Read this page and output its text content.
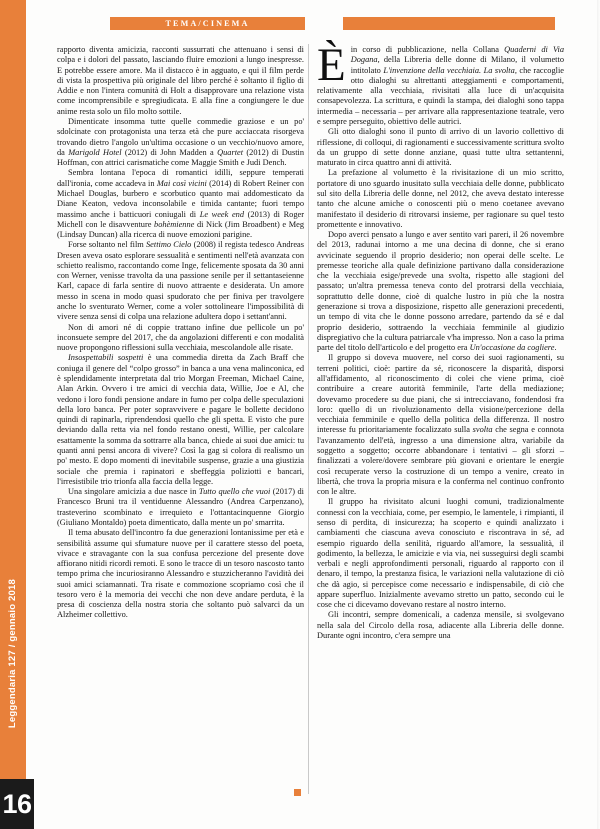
Leggendaria 127 / gennaio 2018
16
TEMA/CINEMA

rapporto diventa amicizia, racconti sussurrati che attenuano i sensi di colpa e i dolori del passato, lasciando fluire emozioni a lungo inespresse. E potrebbe essere amore. Ma il distacco è in agguato, e qui il film perde di vista la prospettiva più originale del libro perché è soltanto il figlio di Addie e non l'intera comunità di Holt a disapprovare una relazione vista come incomprensibile e spregiudicata. E alla fine a congiungere le due anime resta solo un filo molto sottile.

Dimenticate insomma tutte quelle commedie graziose e un po' sdolcinate con protagonista una terza età che pure acciaccata risorgeva trovando dietro l'angolo un'ultima occasione o un vecchio/nuovo amore, da Marigold Hotel (2012) di John Madden a Quartet (2012) di Dustin Hoffman, con attrici carismatiche come Maggie Smith e Judi Dench.

Sembra lontana l'epoca di romantici idilli, seppure temperati dall'ironia, come accadeva in Mai così vicini (2014) di Robert Reiner con Michael Douglas, burbero e scorbutico quanto mai addomesticato da Diane Keaton, vedova inconsolabile e timida cantante; fuori tempo massimo anche i batticuori coniugali di Le week end (2013) di Roger Michell con le disavventure bohèmienne di Nick (Jim Broadbent) e Meg (Lindsay Duncan) alla ricerca di nuove emozioni parigine.

Forse soltanto nel film Settimo Cielo (2008) il regista tedesco Andreas Dresen aveva osato esplorare sessualità e sentimenti nell'età avanzata con schietto realismo, raccontando come Inge, felicemente sposata da 30 anni con Werner, venisse travolta da una passione senile per il settantaseienne Karl, capace di farla sentire di nuovo attraente e desiderata. Un amore messo in scena in modo quasi spudorato che per finiva per travolgere anche lo sventurato Werner, come a voler sottolineare l'impossibilità di vivere senza sensi di colpa una relazione adultera dopo i settant'anni.

Non di amori né di coppie trattano infine due pellicole un po' inconsuete sempre del 2017, che da angolazioni differenti e con modalità nuove propongono riflessioni sulla vecchiaia, mescolandole alle risate.

Insospettabili sospetti è una commedia diretta da Zach Braff che coniuga il genere del “colpo grosso” in banca a una vena malinconica, ed è splendidamente interpretata dal trio Morgan Freeman, Michael Caine, Alan Arkin. Ovvero i tre amici di vecchia data, Willie, Joe e Al, che vedono i loro fondi pensione andare in fumo per colpa delle speculazioni della loro banca. Per poter sopravvivere e pagare le bollette decidono quindi di rapinarla, riprendendosi quello che gli spetta. E visto che pure deviando dalla retta via nel fondo restano onesti, Willie, per calcolare esattamente la somma da sottrarre alla banca, chiede ai suoi due amici: tu quanti anni pensi ancora di vivere? Così la gag si colora di realismo un po' mesto. E dopo momenti di inevitabile suspense, grazie a una giustizia sociale che premia i rapinatori e sbeffeggia poliziotti e bancari, l'irresistibile trio trionfa alla faccia della legge.

Una singolare amicizia a due nasce in Tutto quello che vuoi (2017) di Francesco Bruni tra il ventiduenne Alessandro (Andrea Carpenzano), trasteverino scombinato e irrequieto e l'ottantacinquenne Giorgio (Giuliano Montaldo) poeta dimenticato, dalla mente un po' smarrita.

Il tema abusato dell'incontro fa due generazioni lontanissime per età e sensibilità assume qui sfumature nuove per il carattere stesso del poeta, vivace e stravagante con la sua confusa percezione del presente dove affiorano nitidi ricordi remoti. E sono le tracce di un tesoro nascosto tanto tempo prima che incuriosiranno Alessandro e stuzzicheranno l'avidità dei suoi amici sciamannati. Tra risate e commozione scopriamo così che il tesoro vero è la memoria dei vecchi che non deve andare perduta, è la presa di coscienza della nostra storia che soltanto può salvarci da un Alzheimer collettivo.

Èin corso di pubblicazione, nella Collana Quaderni di Via Dogana, della Libreria delle donne di Milano, il volumetto intitolato L'invenzione della vecchiaia. La svolta, che raccoglie otto dialoghi su altrettanti atteggiamenti e comportamenti, relativamente alla vecchiaia, rivisitati alla luce di un'acquisita consapevolezza. La scrittura, e quindi la stampa, dei dialoghi sono tappa intermedia – necessaria – per arrivare alla rappresentazione teatrale, vero e sempre perseguito, obiettivo delle autrici.

Gli otto dialoghi sono il punto di arrivo di un lavorio collettivo di riflessione, di colloqui, di ragionamenti e successivamente scrittura svolto da un gruppo di sette donne anziane, quasi tutte ultra settantenni, maturato in circa quattro anni di attività.

La prefazione al volumetto è la rivisitazione di un mio scritto, portatore di uno sguardo inusitato sulla vecchiaia delle donne, pubblicato sul sito della Libreria delle donne, nel 2012, che aveva destato interesse tanto che alcune amiche o conoscenti più o meno coetanee avevano manifestato il desiderio di ritrovarsi insieme, per ragionare su quel testo promettente e innovativo.

Dopo averci pensato a lungo e aver sentito vari pareri, il 26 novembre del 2013, radunai intorno a me una decina di donne, che si erano avvicinate seguendo il proprio desiderio; non operai delle scelte. Le premesse teoriche alla quale definizione partivano dalla considerazione che la vecchiaia esige/prevede una svolta, rispetto alle stagioni del passato; un'altra premessa teneva conto del protrarsi della vecchiaia, soprattutto delle donne, cioè di qualche lustro in più che la nostra generazione si trova a disposizione, rispetto alle generazioni precedenti, un tempo di vita che le donne possono arredare, partendo da sé e dal proprio desiderio, sottraendo la vecchiaia femminile al giudizio dispregiativo che la cultura patriarcale v'ha impresso. Non a caso la prima parte del titolo dell'articolo e del progetto era Un'occasione da cogliere.

Il gruppo si doveva muovere, nel corso dei suoi ragionamenti, su terreni politici, cioè: partire da sé, riconoscere la disparità, disporsi all'affidamento, al riconoscimento di colei che viene prima, cioè contribuire a creare autorità femminile, l'arte della mediazione; dovevamo procedere su due piani, che si intrecciavano, fondendosi fra loro: quello di un rivoluzionamento della visione/percezione della vecchiaia femminile e quello della politica della differenza. Il nostro interesse fu prioritariamente focalizzato sulla svolta che segna e connota l'avanzamento dell'età, ingresso a una dimensione altra, variabile da soggetto a soggetto; occorre abbandonare i tentativi – gli sforzi – finalizzati a volere/dovere sembrare più giovani e orientare le energie così recuperate verso la costruzione di un tempo a venire, creato in libertà, che trova la propria misura e la conferma nel continuo confronto con le altre.

Il gruppo ha rivisitato alcuni luoghi comuni, tradizionalmente connessi con la vecchiaia, come, per esempio, le lamentele, i rimpianti, il senso di perdita, di insicurezza; ha scoperto e quindi analizzato i cambiamenti che ciascuna aveva conosciuto e riscontrava in sé, ad esempio riguardo della senilità, riguardo all'amore, la sessualità, il godimento, la bellezza, le amicizie e via via, nei susseguirsi degli scambi verbali e negli approfondimenti personali, riguardo al rapporto con il denaro, il tempo, la prestanza fisica, le variazioni nella valutazione di ciò che dà agio, si percepisce come necessario e indispensabile, di ciò che appare superfluo. Inizialmente avevamo stretto un patto, secondo cui le cose che ci dicevamo dovevano restare al nostro interno.

Gli incontri, sempre domenicali, a cadenza mensile, si svolgevano nella sala del Circolo della rosa, adiacente alla Libreria delle donne. Durante ogni incontro, c'era sempre una
